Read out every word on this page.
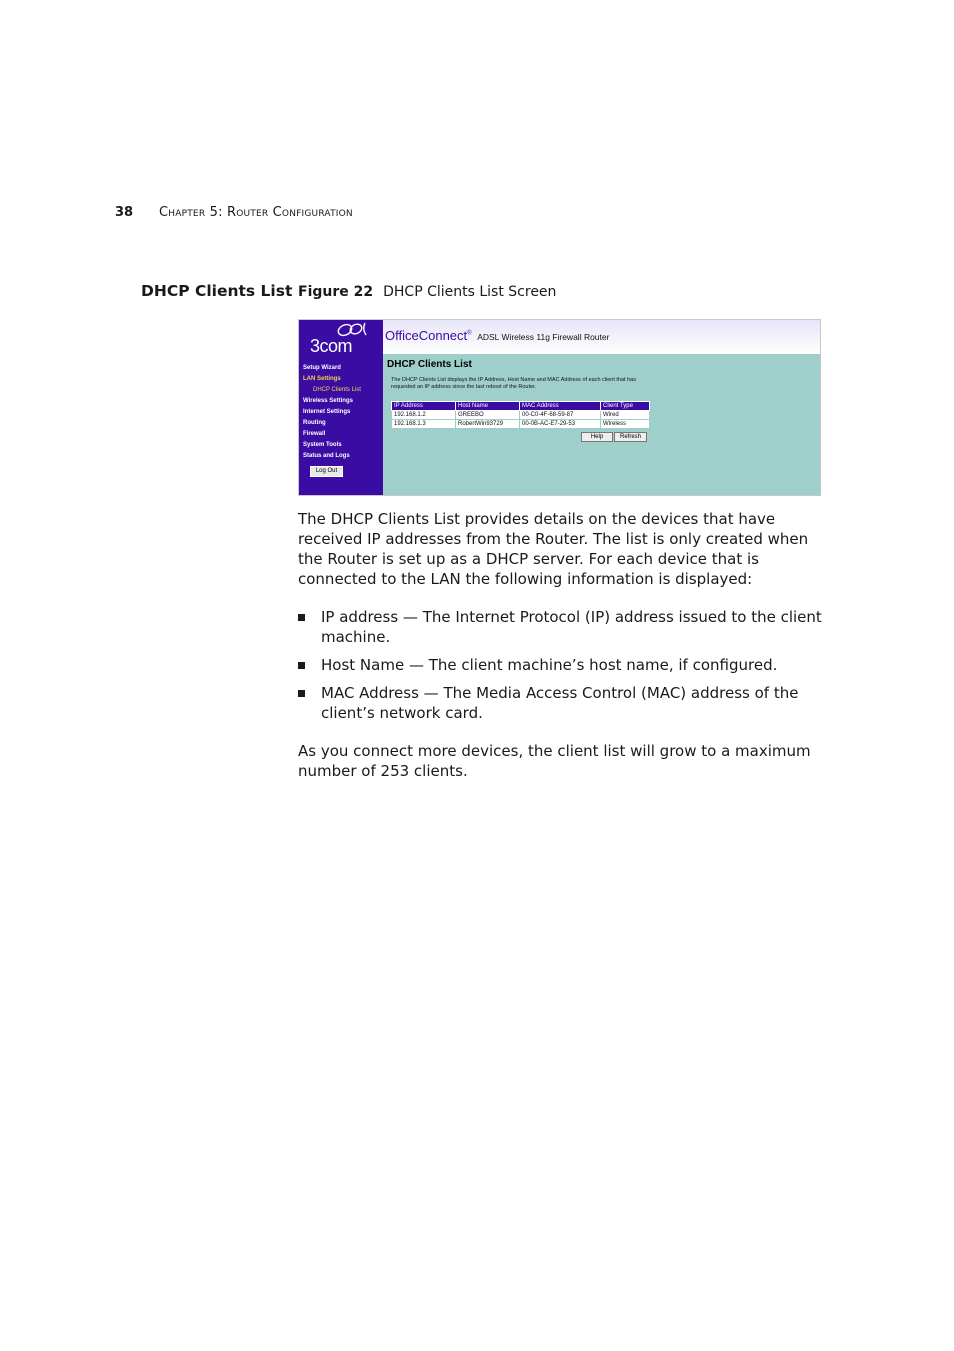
38	Chapter 5: Router Configuration
DHCP Clients List Figure 22 DHCP Clients List Screen
3com
Setup Wizard
LAN Settings
DHCP Clients List
Wireless Settings
Internet Settings
Routing
Firewall
System Tools
Status and Logs
Log Out
OfficeConnect® ADSL Wireless 11g Firewall Router
DHCP Clients List
The DHCP Clients List displays the IP Address, Host Name and MAC Address of each client that has requested an IP address since the last reboot of the Router.
IP Address	Host Name	MAC Address	Client Type
192.168.1.2	GREEBO	00-C0-4F-68-59-87	Wired
192.168.1.3	RobertWin93729	00-0B-AC-E7-29-53	Wireless
Help	Refresh

The DHCP Clients List provides details on the devices that have received IP addresses from the Router. The list is only created when the Router is set up as a DHCP server. For each device that is connected to the LAN the following information is displayed:

IP address — The Internet Protocol (IP) address issued to the client machine.
Host Name — The client machine’s host name, if configured.
MAC Address — The Media Access Control (MAC) address of the client’s network card.

As you connect more devices, the client list will grow to a maximum number of 253 clients.
